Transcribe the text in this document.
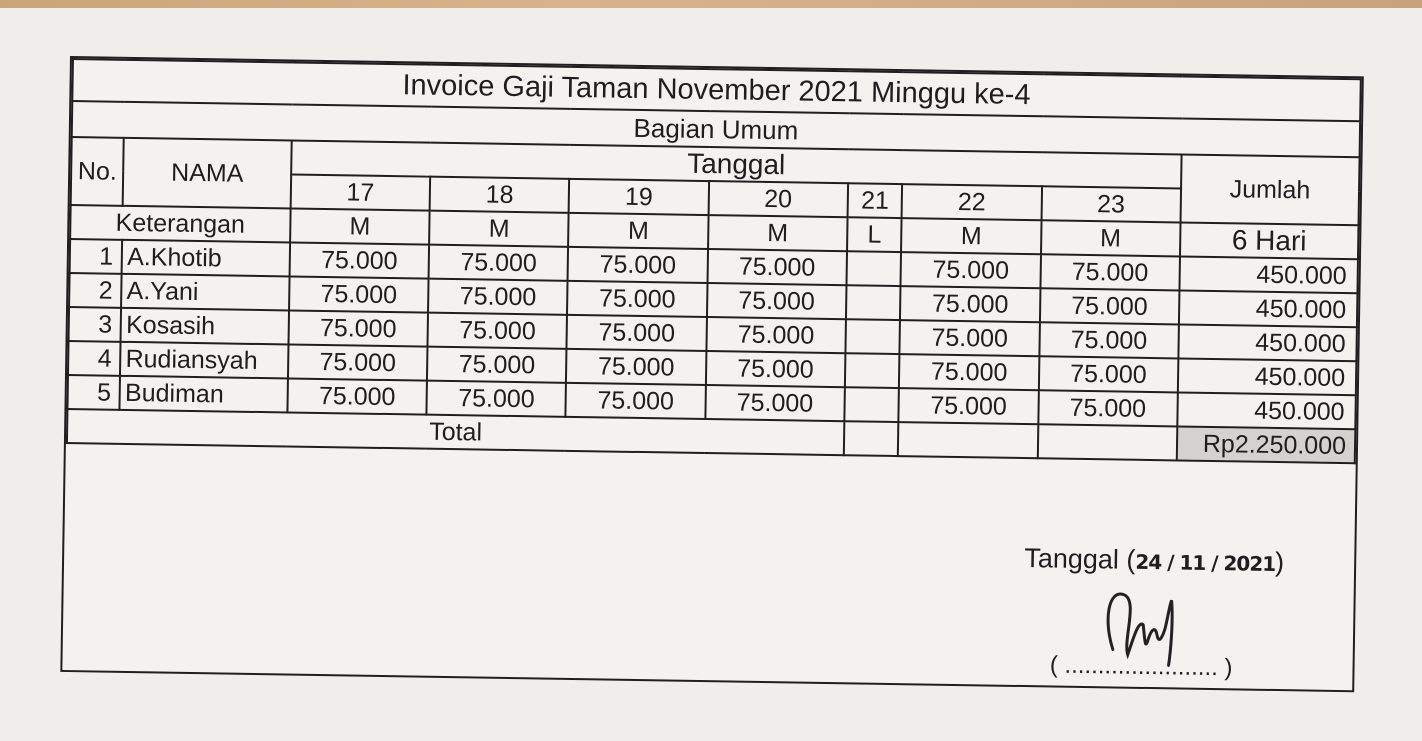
Invoice Gaji Taman November 2021 Minggu ke-4									
Bagian Umum									
No.	NAMA	Tanggal							Jumlah
		17	18	19	20	21	22	23	
Keterangan		M	M	M	M	L	M	M	6 Hari
1	A.Khotib	75.000	75.000	75.000	75.000		75.000	75.000	450.000
2	A.Yani	75.000	75.000	75.000	75.000		75.000	75.000	450.000
3	Kosasih	75.000	75.000	75.000	75.000		75.000	75.000	450.000
4	Rudiansyah	75.000	75.000	75.000	75.000		75.000	75.000	450.000
5	Budiman	75.000	75.000	75.000	75.000		75.000	75.000	450.000
Total									Rp2.250.000
Tanggal (24 / 11 / 2021)
( ....................... )
